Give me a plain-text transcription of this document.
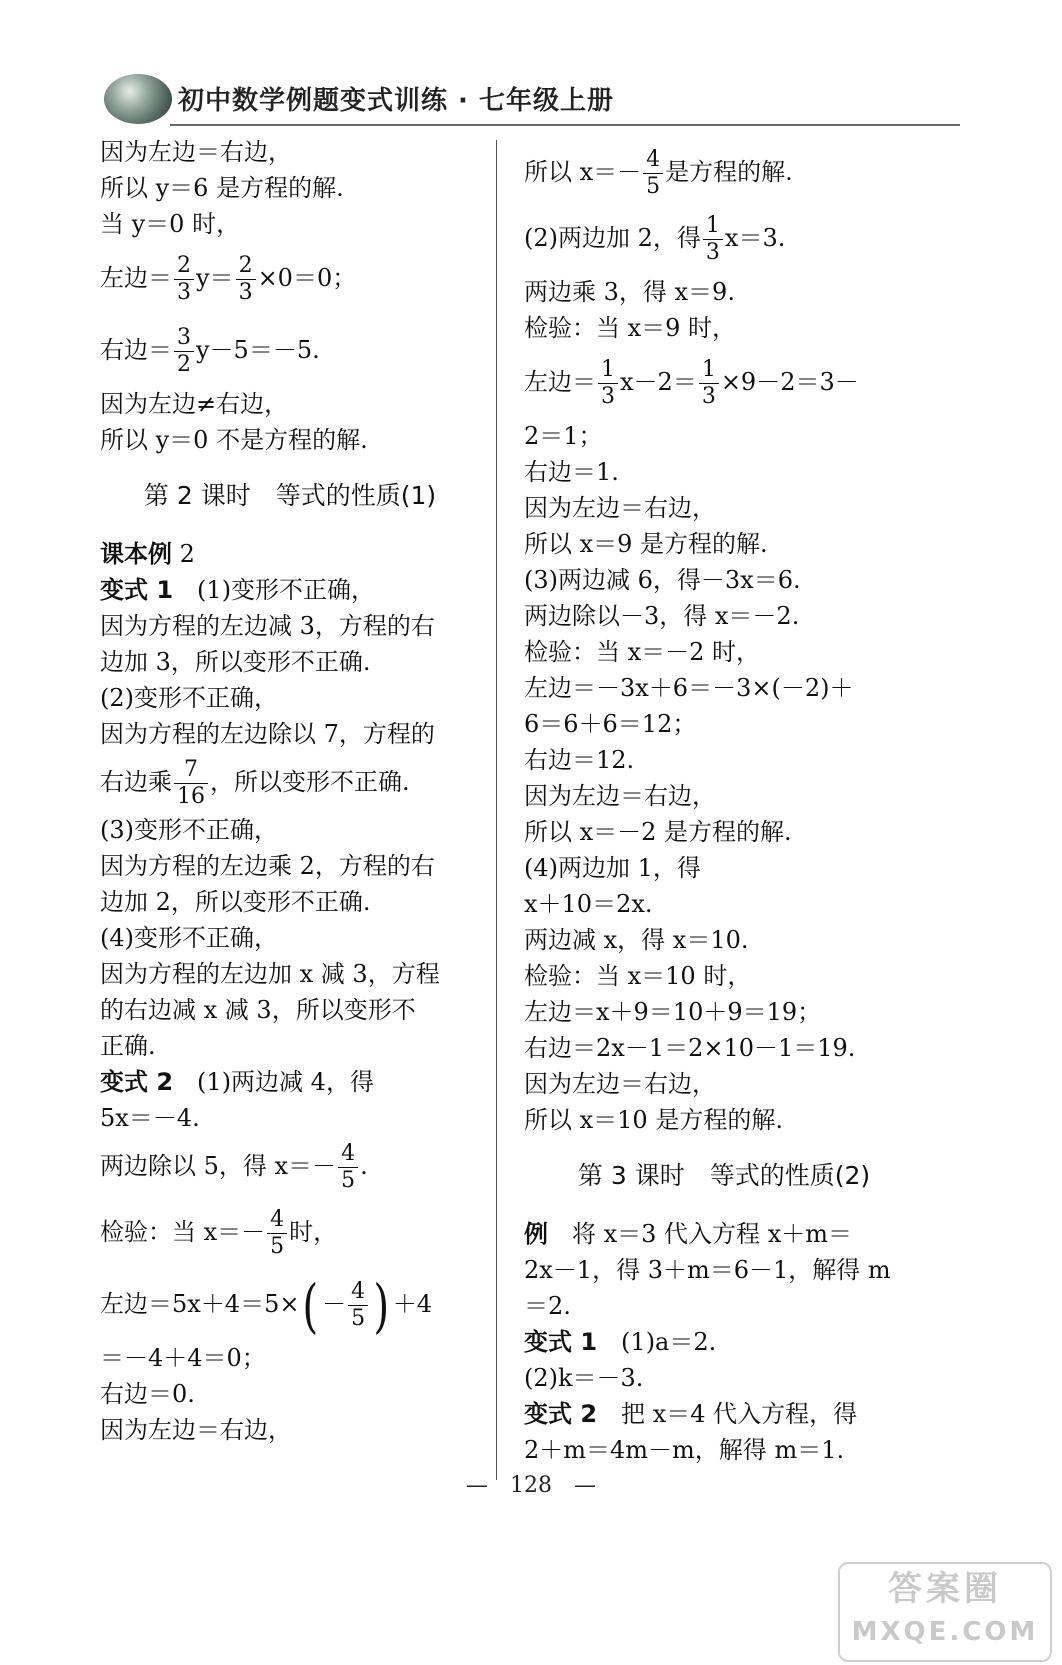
初中数学例题变式训练 · 七年级上册
因为左边＝右边，
所以 y＝6 是方程的解.
当 y＝0 时，
左边＝ $\frac{2}{3} y= \frac{2}{3} \times 0=0$；
右边＝ $\frac{3}{2} y-5=-5$.
因为左边≠右边，
所以 y＝0 不是方程的解.
第 2 课时　等式的性质(1)
课本例 2
变式 1　(1)变形不正确，
因为方程的左边减 3，方程的右
边加 3，所以变形不正确.
(2)变形不正确，
因为方程的左边除以 7，方程的
右边乘 $\frac{7}{16}$ ，所以变形不正确.
(3)变形不正确，
因为方程的左边乘 2，方程的右
边加 2，所以变形不正确.
(4)变形不正确，
因为方程的左边加 x 减 3，方程
的右边减 x 减 3，所以变形不
正确.
变式 2　(1)两边减 4，得
5x＝－4.
两边除以 5，得 $x=- \frac{4}{5}$ .
检验：当 $x=- \frac{4}{5}$ 时，
左边$=5x+4=5\times( - \frac{4}{5}$ ) ＋4
＝－4＋4＝0；
右边＝0.
因为左边＝右边，
所以 $x=- \frac{4}{5}$ 是方程的解.
(2)两边加 2，得 $\frac{1}{3} x=3$.
两边乘 3，得 x＝9.
检验：当 x＝9 时，
左边＝ $\frac{1}{3} x-2= \frac{1}{3} \times 9-2=3-$
2＝1；
右边＝1.
因为左边＝右边，
所以 x＝9 是方程的解.
(3)两边减 6，得－3x＝6.
两边除以－3，得 x＝－2.
检验：当 x＝－2 时，
左边＝－3x＋6＝－3×(－2)＋
6＝6＋6＝12；
右边＝12.
因为左边＝右边，
所以 x＝－2 是方程的解.
(4)两边加 1，得
x＋10＝2x.
两边减 x，得 x＝10.
检验：当 x＝10 时，
左边＝x＋9＝10＋9＝19；
右边＝2x－1＝2×10－1＝19.
因为左边＝右边，
所以 x＝10 是方程的解.
第 3 课时　等式的性质(2)
例　将 x＝3 代入方程 x＋m＝
2x－1，得 3＋m＝6－1，解得 m
＝2.
变式 1　(1)a＝2.
(2)k＝－3.
变式 2　把 x＝4 代入方程，得
2＋m＝4m－m，解得 m＝1.
—　128　—
答案圈
MXQE.COM
